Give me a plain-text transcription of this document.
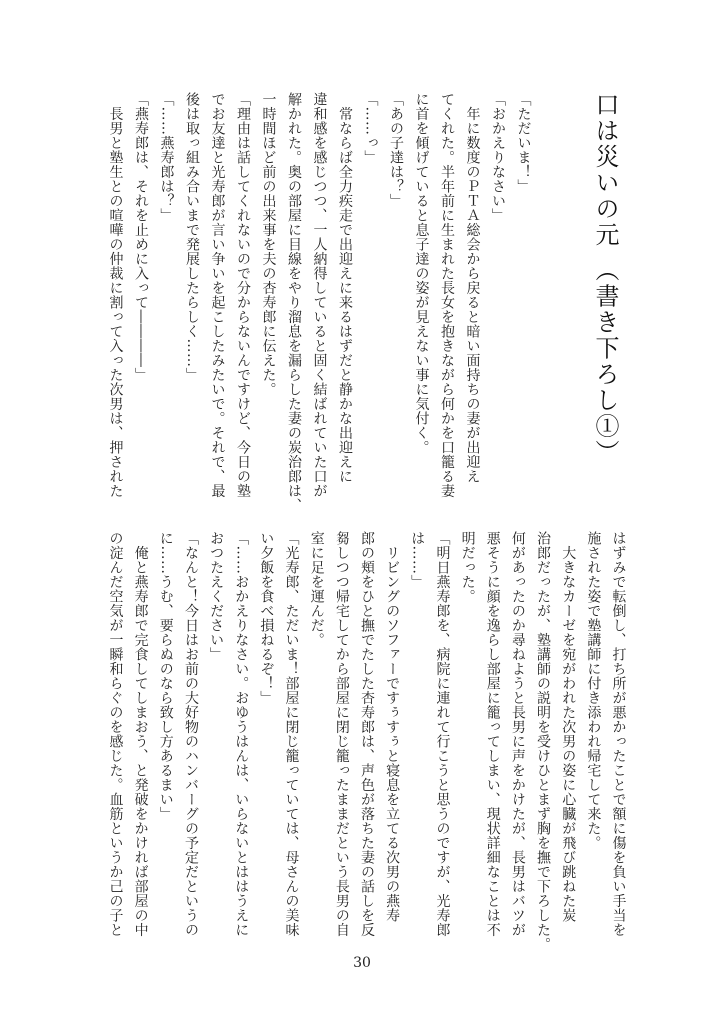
口は災いの元 （書き下ろし①）
「ただいま！」
「おかえりなさい」
　年に数度のＰＴＡ総会から戻ると暗い面持ちの妻が出迎え
てくれた。半年前に生まれた長女を抱きながら何かを口籠る妻
に首を傾げていると息子達の姿が見えない事に気付く。
「あの子達は？」
「……っ」
　常ならば全力疾走で出迎えに来るはずだと静かな出迎えに
違和感を感じつつ、一人納得していると固く結ばれていた口が
解かれた。奥の部屋に目線をやり溜息を漏らした妻の炭治郎は、
一時間ほど前の出来事を夫の杏寿郎に伝えた。
「理由は話してくれないので分からないんですけど、今日の塾
でお友達と光寿郎が言い争いを起こしたみたいで。それで、最
後は取っ組み合いまで発展したらしく……」
「……燕寿郎は？」
「燕寿郎は、それを止めに入って――――」
　長男と塾生との喧嘩の仲裁に割って入った次男は、押された
はずみで転倒し、打ち所が悪かったことで額に傷を負い手当を
施された姿で塾講師に付き添われ帰宅して来た。
　大きなカーゼを宛がわれた次男の姿に心臓が飛び跳ねた炭
治郎だったが、塾講師の説明を受けひとまず胸を撫で下ろした。
何があったのか尋ねようと長男に声をかけたが、長男はバツが
悪そうに顔を逸らし部屋に籠ってしまい、現状詳細なことは不
明だった。
「明日燕寿郎を、病院に連れて行こうと思うのですが、光寿郎
は……」
　リビングのソファーですぅすぅと寝息を立てる次男の燕寿
郎の頬をひと撫でたした杏寿郎は、声色が落ちた妻の話しを反
芻しつつ帰宅してから部屋に閉じ籠ったままだという長男の自
室に足を運んだ。
「光寿郎、ただいま！部屋に閉じ籠っていては、母さんの美味
い夕飯を食べ損ねるぞ！」
「……おかえりなさい。おゆうはんは、いらないとははうえに
おつたえください」
「なんと！今日はお前の大好物のハンバーグの予定だというの
に……うむ、要らぬのなら致し方あるまい」
　俺と燕寿郎で完食してしまおう、と発破をかければ部屋の中
の淀んだ空気が一瞬和らぐのを感じた。血筋というか己の子と
30
